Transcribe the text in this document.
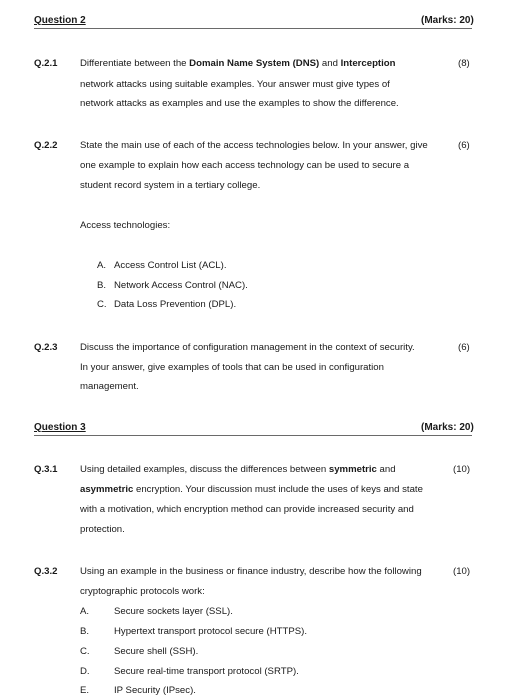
Question 2	(Marks: 20)
Q.2.1	(8)
Differentiate between the Domain Name System (DNS) and Interception
network attacks using suitable examples. Your answer must give types of
network attacks as examples and use the examples to show the difference.
Q.2.2	(6)
State the main use of each of the access technologies below. In your answer, give
one example to explain how each access technology can be used to secure a
student record system in a tertiary college.
Access technologies:
A. Access Control List (ACL).
B. Network Access Control (NAC).
C. Data Loss Prevention (DPL).
Q.2.3	(6)
Discuss the importance of configuration management in the context of security.
In your answer, give examples of tools that can be used in configuration
management.
Question 3	(Marks: 20)
Q.3.1	(10)
Using detailed examples, discuss the differences between symmetric and
asymmetric encryption. Your discussion must include the uses of keys and state
with a motivation, which encryption method can provide increased security and
protection.
Q.3.2	(10)
Using an example in the business or finance industry, describe how the following
cryptographic protocols work:
A.	Secure sockets layer (SSL).
B.	Hypertext transport protocol secure (HTTPS).
C.	Secure shell (SSH).
D.	Secure real-time transport protocol (SRTP).
E.	IP Security (IPsec).
